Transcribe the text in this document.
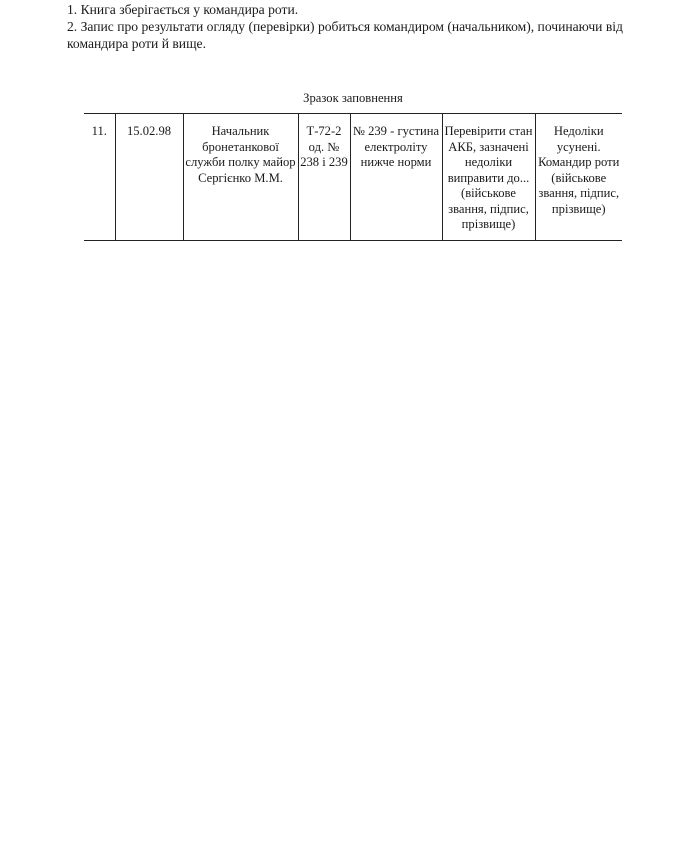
1. Книга зберігається у командира роти.

2. Запис про результати огляду (перевірки) робиться командиром (начальником), починаючи від командира роти й вище.

Зразок заповнення
11.	15.02.98	Начальник бронетанкової служби полку майор Сергієнко М.М.	Т-72-2 од. № 238 і 239	№ 239 - густина електроліту нижче норми	Перевірити стан АКБ, зазначені недоліки виправити до... (військове звання, підпис, прізвище)	Недоліки усунені. Командир роти (військове звання, підпис, прізвище)
